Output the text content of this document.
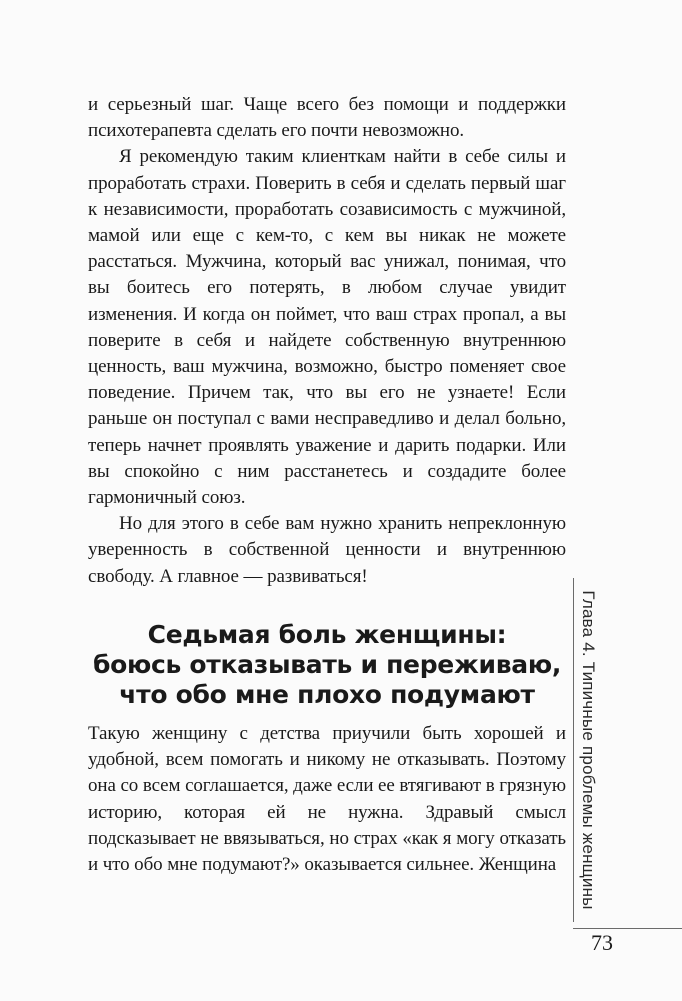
и серьезный шаг. Чаще всего без помощи и поддержки психотерапевта сделать его почти невозможно.

Я рекомендую таким клиенткам найти в себе силы и проработать страхи. Поверить в себя и сделать первый шаг к независимости, проработать созависимость с мужчиной, мамой или еще с кем-то, с кем вы никак не можете расстаться. Мужчина, который вас унижал, понимая, что вы боитесь его потерять, в любом случае увидит изменения. И когда он поймет, что ваш страх пропал, а вы поверите в себя и найдете собственную внутреннюю ценность, ваш мужчина, возможно, быстро поменяет свое поведение. Причем так, что вы его не узнаете! Если раньше он поступал с вами несправедливо и делал больно, теперь начнет проявлять уважение и дарить подарки. Или вы спокойно с ним расстанетесь и создадите более гармоничный союз.

Но для этого в себе вам нужно хранить непреклонную уверенность в собственной ценности и внутреннюю свободу. А главное — развиваться!

Седьмая боль женщины:
боюсь отказывать и переживаю,
что обо мне плохо подумают

Такую женщину с детства приучили быть хорошей и удобной, всем помогать и никому не отказывать. Поэтому она со всем соглашается, даже если ее втягивают в грязную историю, которая ей не нужна. Здравый смысл подсказывает не ввязываться, но страх «как я могу отказать и что обо мне подумают?» оказывается сильнее. Женщина	Глава 4. Типичные проблемы женщины
73
